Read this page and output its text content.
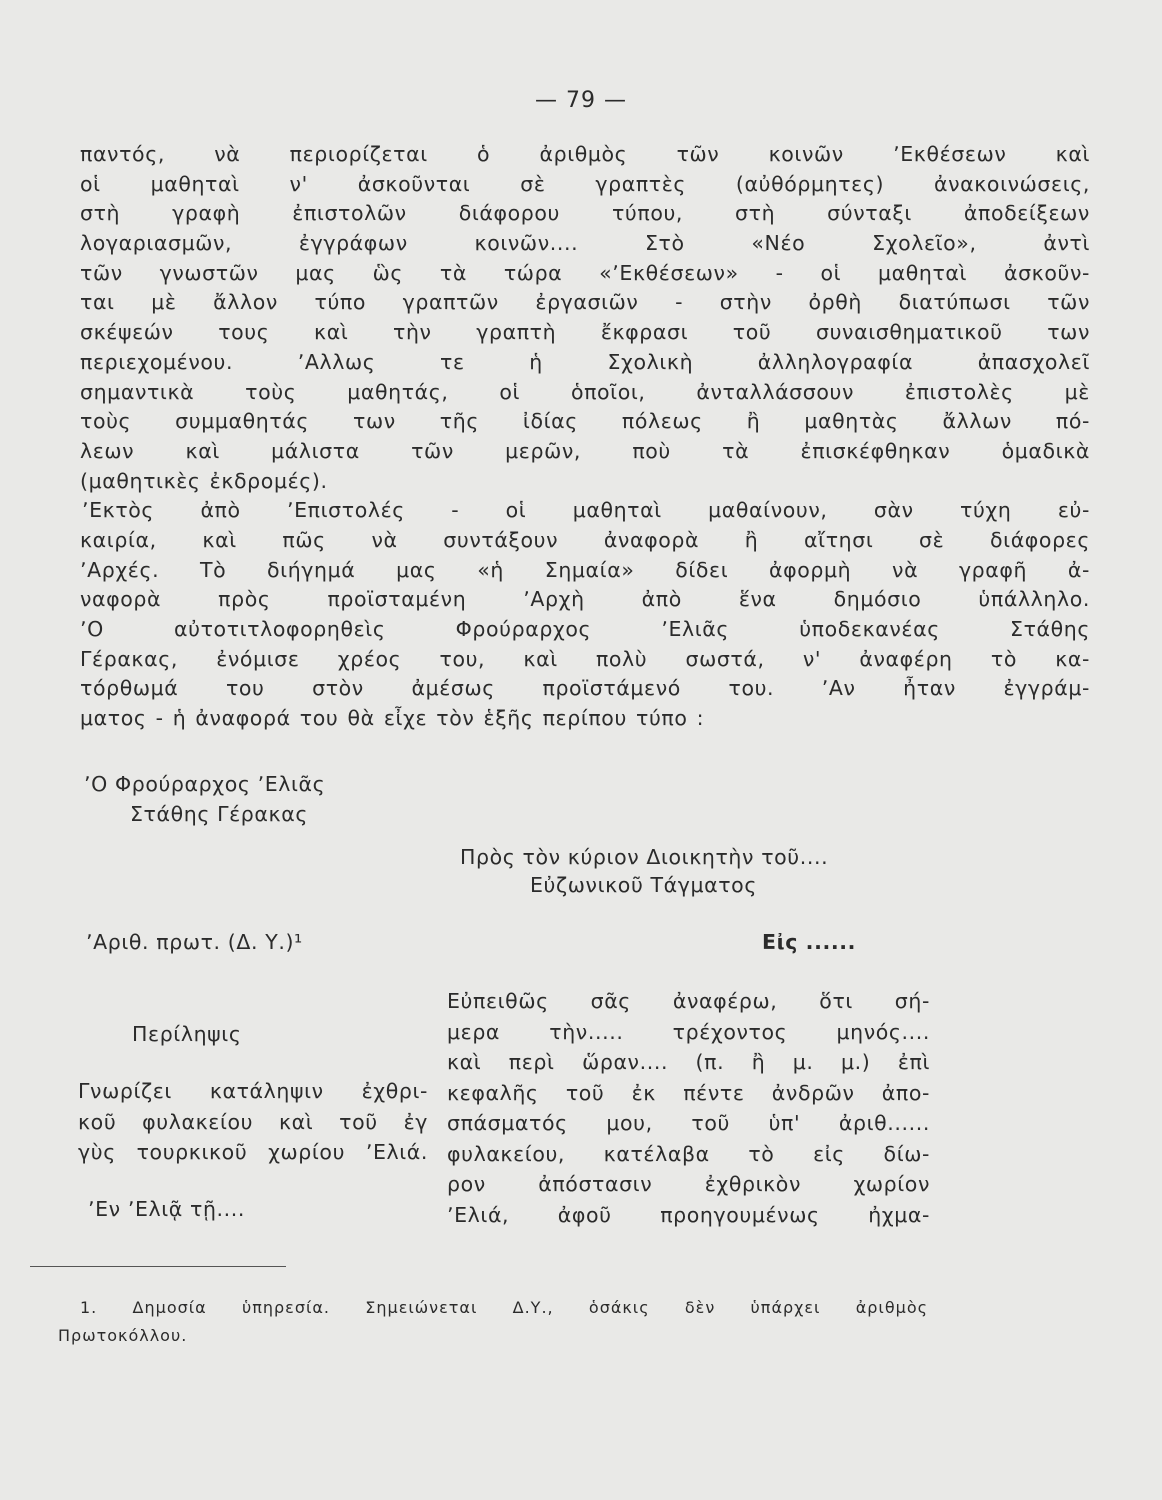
— 79 —
παντός, νὰ περιορίζεται ὁ ἀριθμὸς τῶν κοινῶν ʼΕκθέσεων καὶ
οἱ μαθηταὶ ν' ἀσκοῦνται σὲ γραπτὲς (αὐθόρμητες) ἀνακοινώσεις,
στὴ γραφὴ ἐπιστολῶν διάφορου τύπου, στὴ σύνταξι ἀποδείξεων
λογαριασμῶν, ἐγγράφων κοινῶν.... Στὸ «Νέο Σχολεῖο», ἀντὶ
τῶν γνωστῶν μας ὣς τὰ τώρα «ʼΕκθέσεων» - οἱ μαθηταὶ ἀσκοῦν-
ται μὲ ἄλλον τύπο γραπτῶν ἐργασιῶν - στὴν ὀρθὴ διατύπωσι τῶν
σκέψεών τους καὶ τὴν γραπτὴ ἔκφρασι τοῦ συναισθηματικοῦ των
περιεχομένου. ʼΑλλως τε ἡ Σχολικὴ ἀλληλογραφία ἀπασχολεῖ
σημαντικὰ τοὺς μαθητάς, οἱ ὁποῖοι, ἀνταλλάσσουν ἐπιστολὲς μὲ
τοὺς συμμαθητάς των τῆς ἰδίας πόλεως ἢ μαθητὰς ἄλλων πό-
λεων καὶ μάλιστα τῶν μερῶν, ποὺ τὰ ἐπισκέφθηκαν ὁμαδικὰ
(μαθητικὲς ἐκδρομές).
ʼΕκτὸς ἀπὸ ʼΕπιστολές - οἱ μαθηταὶ μαθαίνουν, σὰν τύχη εὐ-
καιρία, καὶ πῶς νὰ συντάξουν ἀναφορὰ ἢ αἴτησι σὲ διάφορες
ʼΑρχές. Τὸ διήγημά μας «ἡ Σημαία» δίδει ἀφορμὴ νὰ γραφῆ ἀ-
ναφορὰ πρὸς προϊσταμένη ʼΑρχὴ ἀπὸ ἕνα δημόσιο ὑπάλληλο.
ʼΟ αὐτοτιτλοφορηθεὶς Φρούραρχος ʼΕλιᾶς ὑποδεκανέας Στάθης
Γέρακας, ἐνόμισε χρέος του, καὶ πολὺ σωστά, ν' ἀναφέρη τὸ κα-
τόρθωμά του στὸν ἀμέσως προϊστάμενό του. ʼΑν ἦταν ἐγγράμ-
ματος - ἡ ἀναφορά του θὰ εἶχε τὸν ἑξῆς περίπου τύπο :
ʼΟ Φρούραρχος ʼΕλιᾶς
Στάθης Γέρακας
Πρὸς τὸν κύριον Διοικητὴν τοῦ....
Εὐζωνικοῦ Τάγματος
ʼΑριθ. πρωτ. (Δ. Υ.)¹	Εἰς ......
Περίληψις
Γνωρίζει κατάληψιν ἐχθρι-
κοῦ φυλακείου καὶ τοῦ ἐγ
γὺς τουρκικοῦ χωρίου ʼΕλιά.
ʼΕν ʼΕλιᾷ τῇ....
Εὐπειθῶς σᾶς ἀναφέρω, ὅτι σή-
μερα τὴν..... τρέχοντος μηνός....
καὶ περὶ ὥραν.... (π. ἢ μ. μ.) ἐπὶ
κεφαλῆς τοῦ ἐκ πέντε ἀνδρῶν ἀπο-
σπάσματός μου, τοῦ ὑπ' ἀριθ......
φυλακείου, κατέλαβα τὸ εἰς δίω-
ρον ἀπόστασιν ἐχθρικὸν χωρίον
ʼΕλιά, ἀφοῦ προηγουμένως ἠχμα-
1. Δημοσία ὑπηρεσία. Σημειώνεται Δ.Υ., ὁσάκις δὲν ὑπάρχει ἀριθμὸς
Πρωτοκόλλου.
